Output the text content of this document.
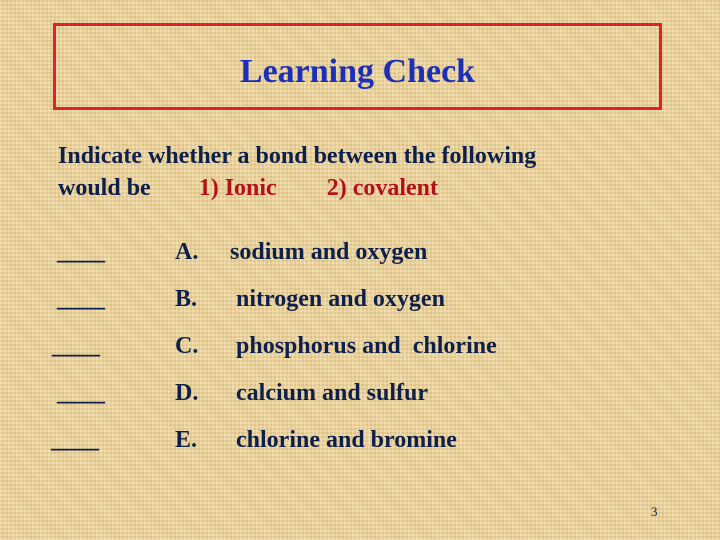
Learning Check
Indicate whether a bond between the following
would be 1) Ionic 2) covalent
____	A. sodium and oxygen
____	B. nitrogen and oxygen
____	C. phosphorus and  chlorine
____	D. calcium and sulfur
____	E. chlorine and bromine
3
